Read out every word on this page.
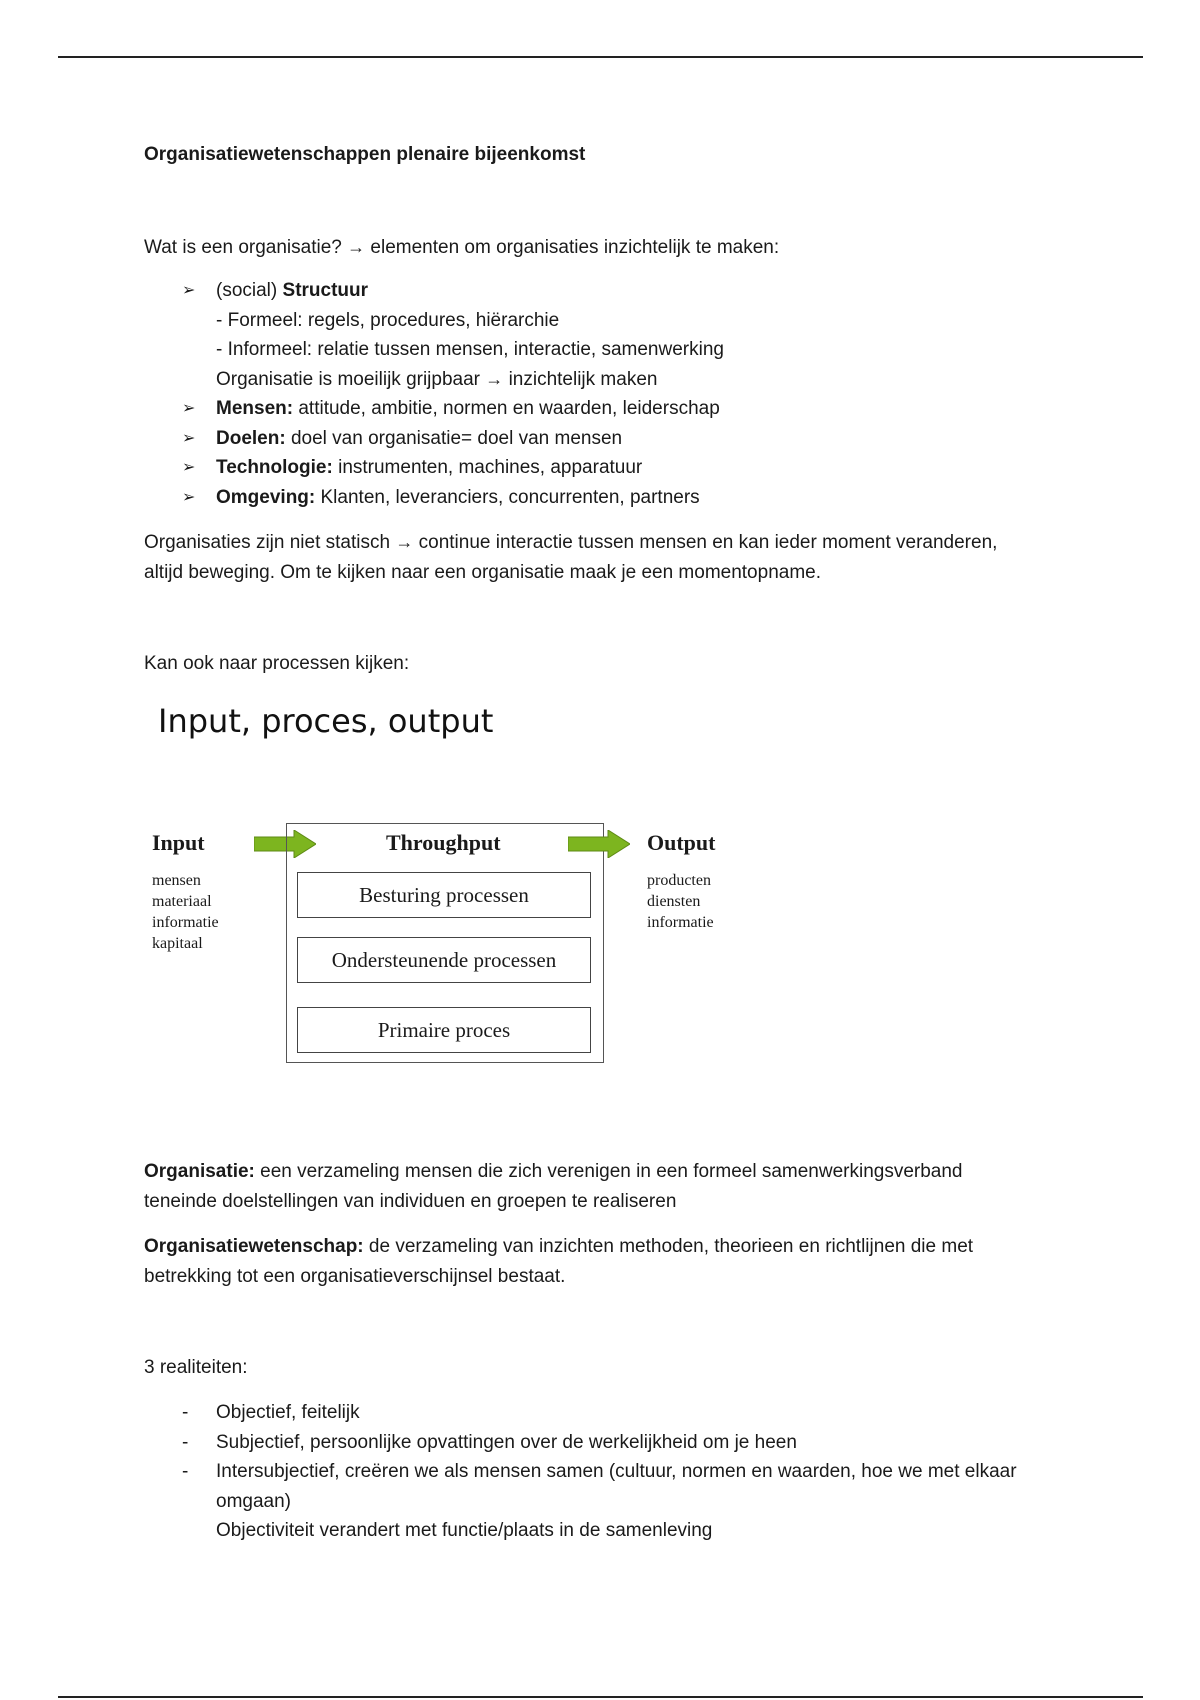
Organisatiewetenschappen plenaire bijeenkomst
Wat is een organisatie? → elementen om organisaties inzichtelijk te maken:
➢	(social) Structuur
- Formeel: regels, procedures, hiërarchie
- Informeel: relatie tussen mensen, interactie, samenwerking
Organisatie is moeilijk grijpbaar → inzichtelijk maken
➢	Mensen: attitude, ambitie, normen en waarden, leiderschap
➢	Doelen: doel van organisatie= doel van mensen
➢	Technologie: instrumenten, machines, apparatuur
➢	Omgeving: Klanten, leveranciers, concurrenten, partners
Organisaties zijn niet statisch → continue interactie tussen mensen en kan ieder moment veranderen, altijd beweging. Om te kijken naar een organisatie maak je een momentopname.
Kan ook naar processen kijken:
Input, proces, output
Input
mensen
materiaal
informatie
kapitaal
Throughput
Besturing processen
Ondersteunende processen
Primaire proces
Output
producten
diensten
informatie
Organisatie: een verzameling mensen die zich verenigen in een formeel samenwerkingsverband teneinde doelstellingen van individuen en groepen te realiseren
Organisatiewetenschap: de verzameling van inzichten methoden, theorieen en richtlijnen die met betrekking tot een organisatieverschijnsel bestaat.
3 realiteiten:
-	Objectief, feitelijk
-	Subjectief, persoonlijke opvattingen over de werkelijkheid om je heen
-	Intersubjectief, creëren we als mensen samen (cultuur, normen en waarden, hoe we met elkaar omgaan)
Objectiviteit verandert met functie/plaats in de samenleving
